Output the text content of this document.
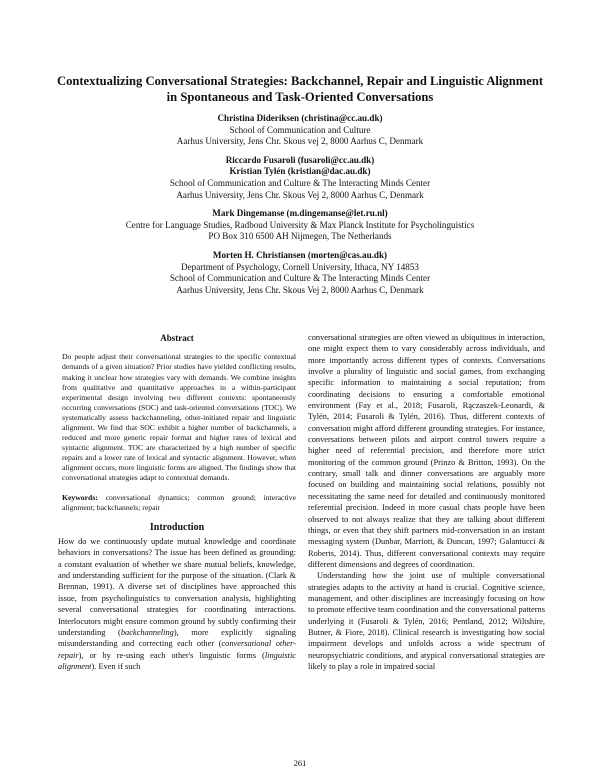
Contextualizing Conversational Strategies: Backchannel, Repair and Linguistic Alignment in Spontaneous and Task-Oriented Conversations
Christina Dideriksen (christina@cc.au.dk)
School of Communication and Culture
Aarhus University, Jens Chr. Skous vej 2, 8000 Aarhus C, Denmark
Riccardo Fusaroli (fusaroli@cc.au.dk)
Kristian Tylén (kristian@dac.au.dk)
School of Communication and Culture & The Interacting Minds Center
Aarhus University, Jens Chr. Skous Vej 2, 8000 Aarhus C, Denmark
Mark Dingemanse (m.dingemanse@let.ru.nl)
Centre for Language Studies, Radboud University & Max Planck Institute for Psycholinguistics
PO Box 310 6500 AH Nijmegen, The Netherlands
Morten H. Christiansen (morten@cas.au.dk)
Department of Psychology, Cornell University, Ithaca, NY 14853
School of Communication and Culture & The Interacting Minds Center
Aarhus University, Jens Chr. Skous Vej 2, 8000 Aarhus C, Denmark
Abstract

Do people adjust their conversational strategies to the specific contextual demands of a given situation? Prior studies have yielded conflicting results, making it unclear how strategies vary with demands. We combine insights from qualitative and quantitative approaches in a within-participant experimental design involving two different contexts: spontaneously occurring conversations (SOC) and task-oriented conversations (TOC). We systematically assess backchanneling, other-initiated repair and linguistic alignment. We find that SOC exhibit a higher number of backchannels, a reduced and more generic repair format and higher rates of lexical and syntactic alignment. TOC are characterized by a high number of specific repairs and a lower rate of lexical and syntactic alignment. However, when alignment occurs, more linguistic forms are aligned. The findings show that conversational strategies adapt to contextual demands.

Keywords: conversational dynamics; common ground; interactive alignment; backchannels; repair

Introduction

How do we continuously update mutual knowledge and coordinate behaviors in conversations? The issue has been defined as grounding: a constant evaluation of whether we share mutual beliefs, knowledge, and understanding sufficient for the purpose of the situation. (Clark & Brennan, 1991). A diverse set of disciplines have approached this issue, from psycholinguistics to conversation analysis, highlighting several conversational strategies for coordinating interactions. Interlocutors might ensure common ground by subtly confirming their understanding (backchanneling), more explicitly signaling misunderstanding and correcting each other (conversational other-repair), or by re-using each other's linguistic forms (linguistic alignment). Even if such

conversational strategies are often viewed as ubiquitous in interaction, one might expect them to vary considerably across individuals, and more importantly across different types of contexts. Conversations involve a plurality of linguistic and social games, from exchanging specific information to maintaining a social reputation; from coordinating decisions to ensuring a comfortable emotional environment (Fay et al., 2018; Fusaroli, Rączaszek-Leonardi, & Tylén, 2014; Fusaroli & Tylén, 2016). Thus, different contexts of conversation might afford different grounding strategies. For instance, conversations between pilots and airport control towers require a higher need of referential precision, and therefore more strict monitoring of the common ground (Prinzo & Britton, 1993). On the contrary, small talk and dinner conversations are arguably more focused on building and maintaining social relations, possibly not necessitating the same need for detailed and continuously monitored referential precision. Indeed in more casual chats people have been observed to not always realize that they are talking about different things, or even that they shift partners mid-conversation in an instant messaging system (Dunbar, Marriott, & Duncan, 1997; Galantucci & Roberts, 2014). Thus, different conversational contexts may require different dimensions and degrees of coordination.

Understanding how the joint use of multiple conversational strategies adapts to the activity at hand is crucial. Cognitive science, management, and other disciplines are increasingly focusing on how to promote effective team coordination and the conversational patterns underlying it (Fusaroli & Tylén, 2016; Pentland, 2012; Wiltshire, Butner, & Fiore, 2018). Clinical research is investigating how social impairment develops and unfolds across a wide spectrum of neuropsychiatric conditions, and atypical conversational strategies are likely to play a role in impaired social

261
